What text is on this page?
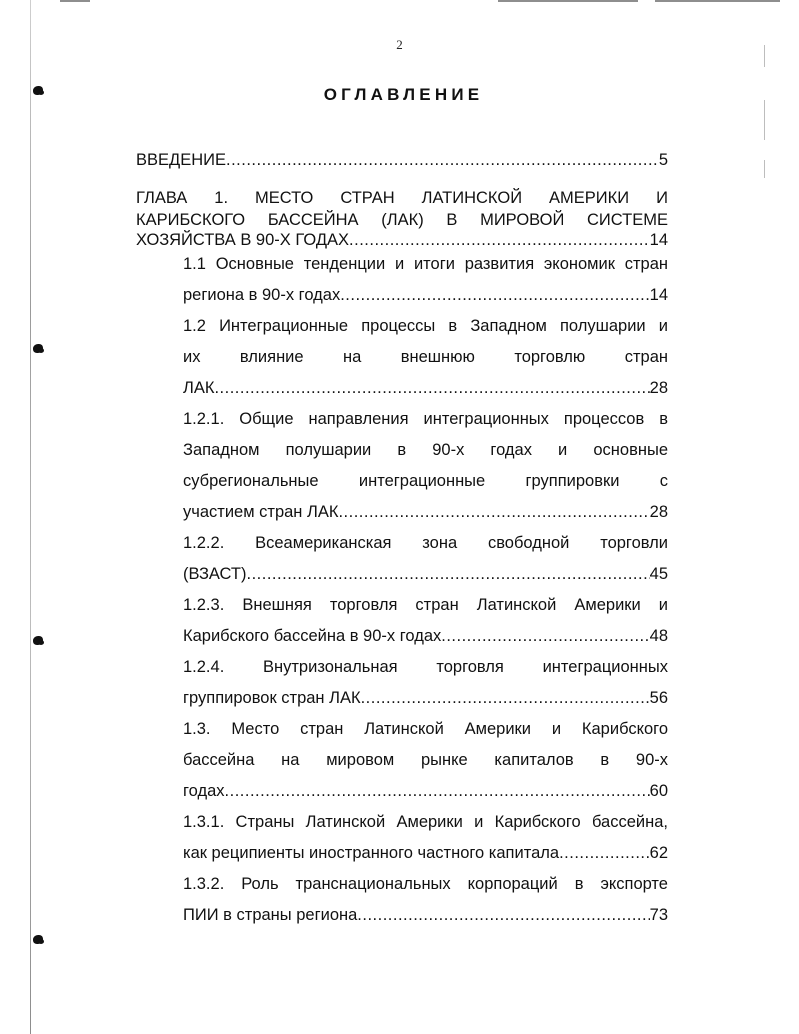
2
ОГЛАВЛЕНИЕ
ВВЕДЕНИЕ .....	5
ГЛАВА 1. МЕСТО СТРАН ЛАТИНСКОЙ АМЕРИКИ И
КАРИБСКОГО БАССЕЙНА (ЛАК) В МИРОВОЙ СИСТЕМЕ
ХОЗЯЙСТВА В 90-Х ГОДАХ .....	14
1.1 Основные тенденции и итоги развития экономик стран
региона в 90-х годах .....	14
1.2 Интеграционные процессы в Западном полушарии и
их влияние на внешнюю торговлю стран
ЛАК .....	28
1.2.1. Общие направления интеграционных процессов в
Западном полушарии в 90-х годах и основные
субрегиональные интеграционные группировки с
участием стран ЛАК .....	28
1.2.2. Всеамериканская зона свободной торговли
(ВЗАСТ) .....	45
1.2.3. Внешняя торговля стран Латинской Америки и
Карибского бассейна в 90-х годах .....	48
1.2.4. Внутризональная торговля интеграционных
группировок стран ЛАК .....	56
1.3. Место стран Латинской Америки и Карибского
бассейна на мировом рынке капиталов в 90-х
годах .....	60
1.3.1. Страны Латинской Америки и Карибского бассейна,
как реципиенты иностранного частного капитала .....	62
1.3.2. Роль транснациональных корпораций в экспорте
ПИИ в страны региона .....	73
